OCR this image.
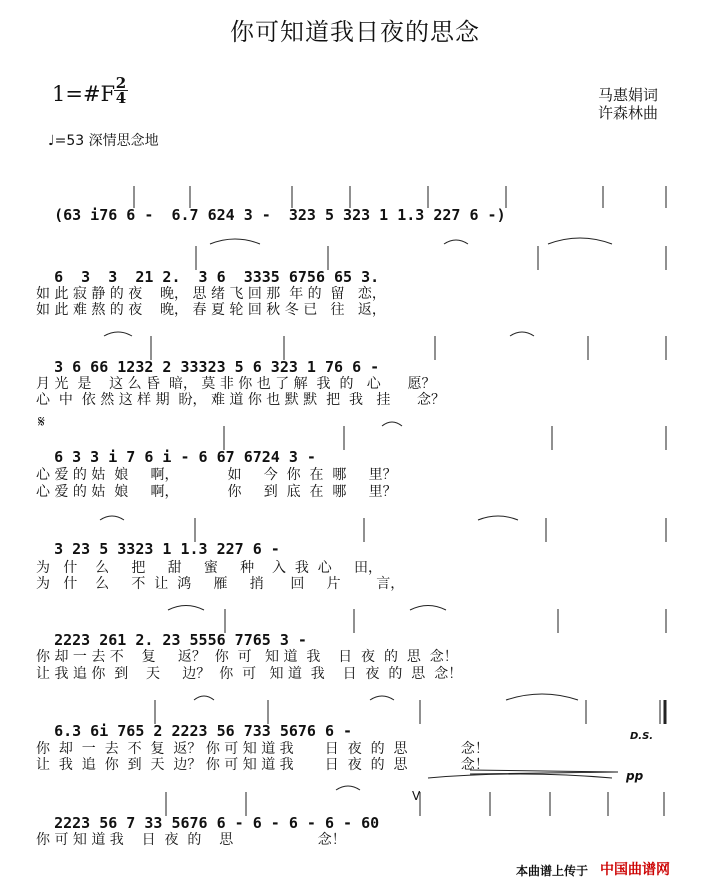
你可知道我日夜的思念
1=#F 2
4	马惠娟词
许森林曲
♩=53 深情思念地

(63 i76 6 -  6.7 624 3 -  323 5 323 1 1.3 227 6 -)

6  3  3  21 2.  3 6  3335 6756 65 3.

如 此 寂 静 的 夜    晚， 思 绪 飞 回 那  年 的  留   恋，
如 此 难 熬 的 夜    晚， 春 夏 轮 回 秋 冬 已   往   返，

3 6 66 1232 2 33323 5 6 323 1 76 6 -

月 光  是    这 么 昏  暗， 莫 非 你 也 了 解  我  的   心      愿？
心  中  依 然 这 样 期  盼， 难 道 你 也 默 默  把  我   挂      念？
𝄋

6 3 3 i 7 6 i - 6 67 6724 3 -

心 爱 的 姑  娘     啊，           如     今  你  在  哪     里？
心 爱 的 姑  娘     啊，           你     到  底  在  哪     里？

3 23 5 3323 1 1.3 227 6 -

为   什    么     把     甜     蜜     种    入  我  心     田，
为   什    么     不  让  鸿     雁     捎      回     片        言，

2223 261 2. 23 5556 7765 3 -

你 却 一 去 不    复     返？  你  可   知 道  我    日  夜  的  思  念！
让 我 追 你  到    天     边？  你  可   知 道  我    日  夜  的  思  念！

6.3 6i 765 2 2223 56 733 5676 6 -	D.S.
你  却  一  去  不  复  返？ 你 可 知 道 我       日  夜  的  思            念！
让  我  追  你  到  天  边？ 你 可 知 道 我       日  夜  的  思            念！
pp
V

2223 56 7 33 5676 6 - 6 - 6 - 6 - 60

你 可 知 道 我    日  夜  的    思                   念！
本曲谱上传于 中国曲谱网
